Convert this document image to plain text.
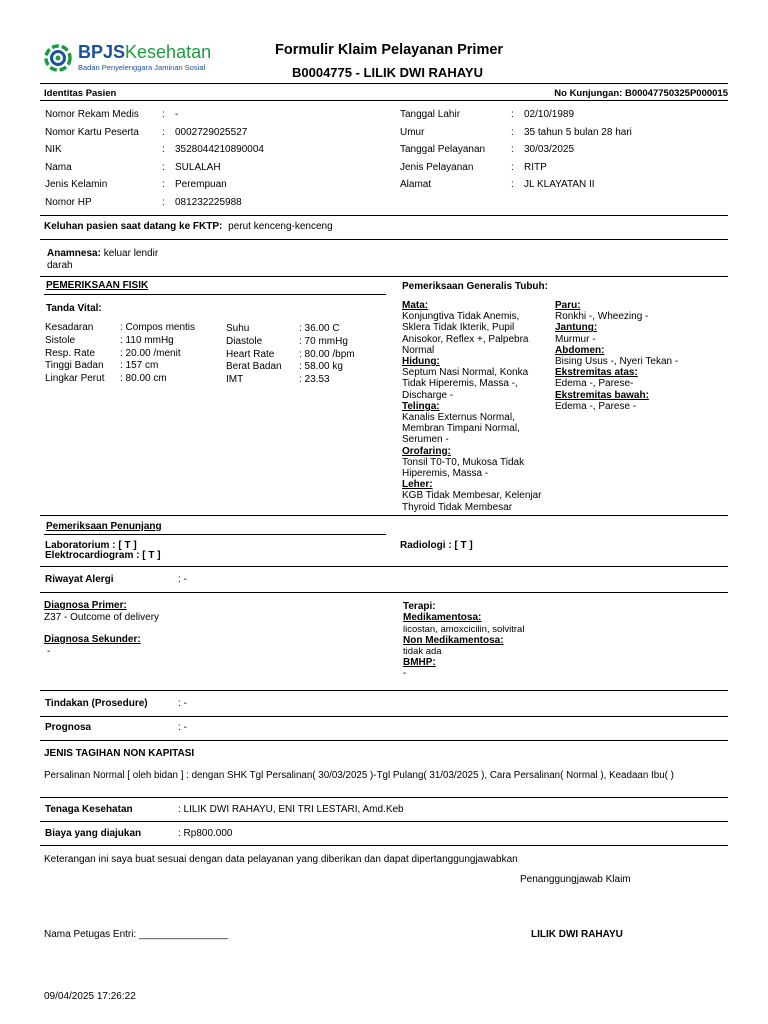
BPJSKesehatan
Badan Penyelenggara Jaminan Sosial
Formulir Klaim Pelayanan Primer
B0004775 - LILIK DWI RAHAYU
Identitas Pasien	No Kunjungan: B00047750325P000015
Nomor Rekam Medis : -
Nomor Kartu Peserta : 0002729025527
NIK	: 3528044210890004
Nama	: SULALAH
Jenis Kelamin	: Perempuan
Nomor HP	: 081232225988
Tanggal Lahir	: 02/10/1989
Umur	: 35 tahun 5 bulan 28 hari
Tanggal Pelayanan	: 30/03/2025
Jenis Pelayanan	: RITP
Alamat	: JL KLAYATAN II
Keluhan pasien saat datang ke FKTP: perut kenceng-kenceng
Anamnesa: keluar lendir
darah
PEMERIKSAAN FISIK	Pemeriksaan Generalis Tubuh:
Tanda Vital:
Kesadaran	: Compos mentis
Sistole	: 110 mmHg
Resp. Rate : 20.00 /menit
Tinggi Badan : 157 cm
Lingkar Perut : 80.00 cm
Suhu	: 36.00 C
Diastole	: 70 mmHg
Heart Rate : 80.00 /bpm
Berat Badan : 58.00 kg
IMT	: 23.53
Mata:
Konjungtiva Tidak Anemis,
Sklera Tidak Ikterik, Pupil
Anisokor, Reflex +, Palpebra
Normal
Hidung:
Septum Nasi Normal, Konka
Tidak Hiperemis, Massa -,
Discharge -
Telinga:
Kanalis Externus Normal,
Membran Timpani Normal,
Serumen -
Orofaring:
Tonsil T0-T0, Mukosa Tidak
Hiperemis, Massa -
Leher:
KGB Tidak Membesar, Kelenjar
Thyroid Tidak Membesar
Paru:
Ronkhi -, Wheezing -
Jantung:
Murmur -
Abdomen:
Bising Usus -, Nyeri Tekan -
Ekstremitas atas:
Edema -, Parese-
Ekstremitas bawah:
Edema -, Parese -
Pemeriksaan Penunjang
Laboratorium : [ T ]
Elektrocardiogram : [ T ]
Radiologi : [ T ]
Riwayat Alergi	: -
Diagnosa Primer:
Z37 - Outcome of delivery
Diagnosa Sekunder:
-
Terapi:
Medikamentosa:
licostan, amoxcicilin, solvitral
Non Medikamentosa:
tidak ada
BMHP:
-
Tindakan (Prosedure)	: -
Prognosa	: -
JENIS TAGIHAN NON KAPITASI
Persalinan Normal [ oleh bidan ] : dengan SHK Tgl Persalinan( 30/03/2025 )-Tgl Pulang( 31/03/2025 ), Cara Persalinan( Normal ), Keadaan Ibu( )
Tenaga Kesehatan	: LILIK DWI RAHAYU, ENI TRI LESTARI, Amd.Keb
Biaya yang diajukan	: Rp800.000
Keterangan ini saya buat sesuai dengan data pelayanan yang diberikan dan dapat dipertanggungjawabkan
Penanggungjawab Klaim
Nama Petugas Entri: ________________	LILIK DWI RAHAYU
09/04/2025 17:26:22
